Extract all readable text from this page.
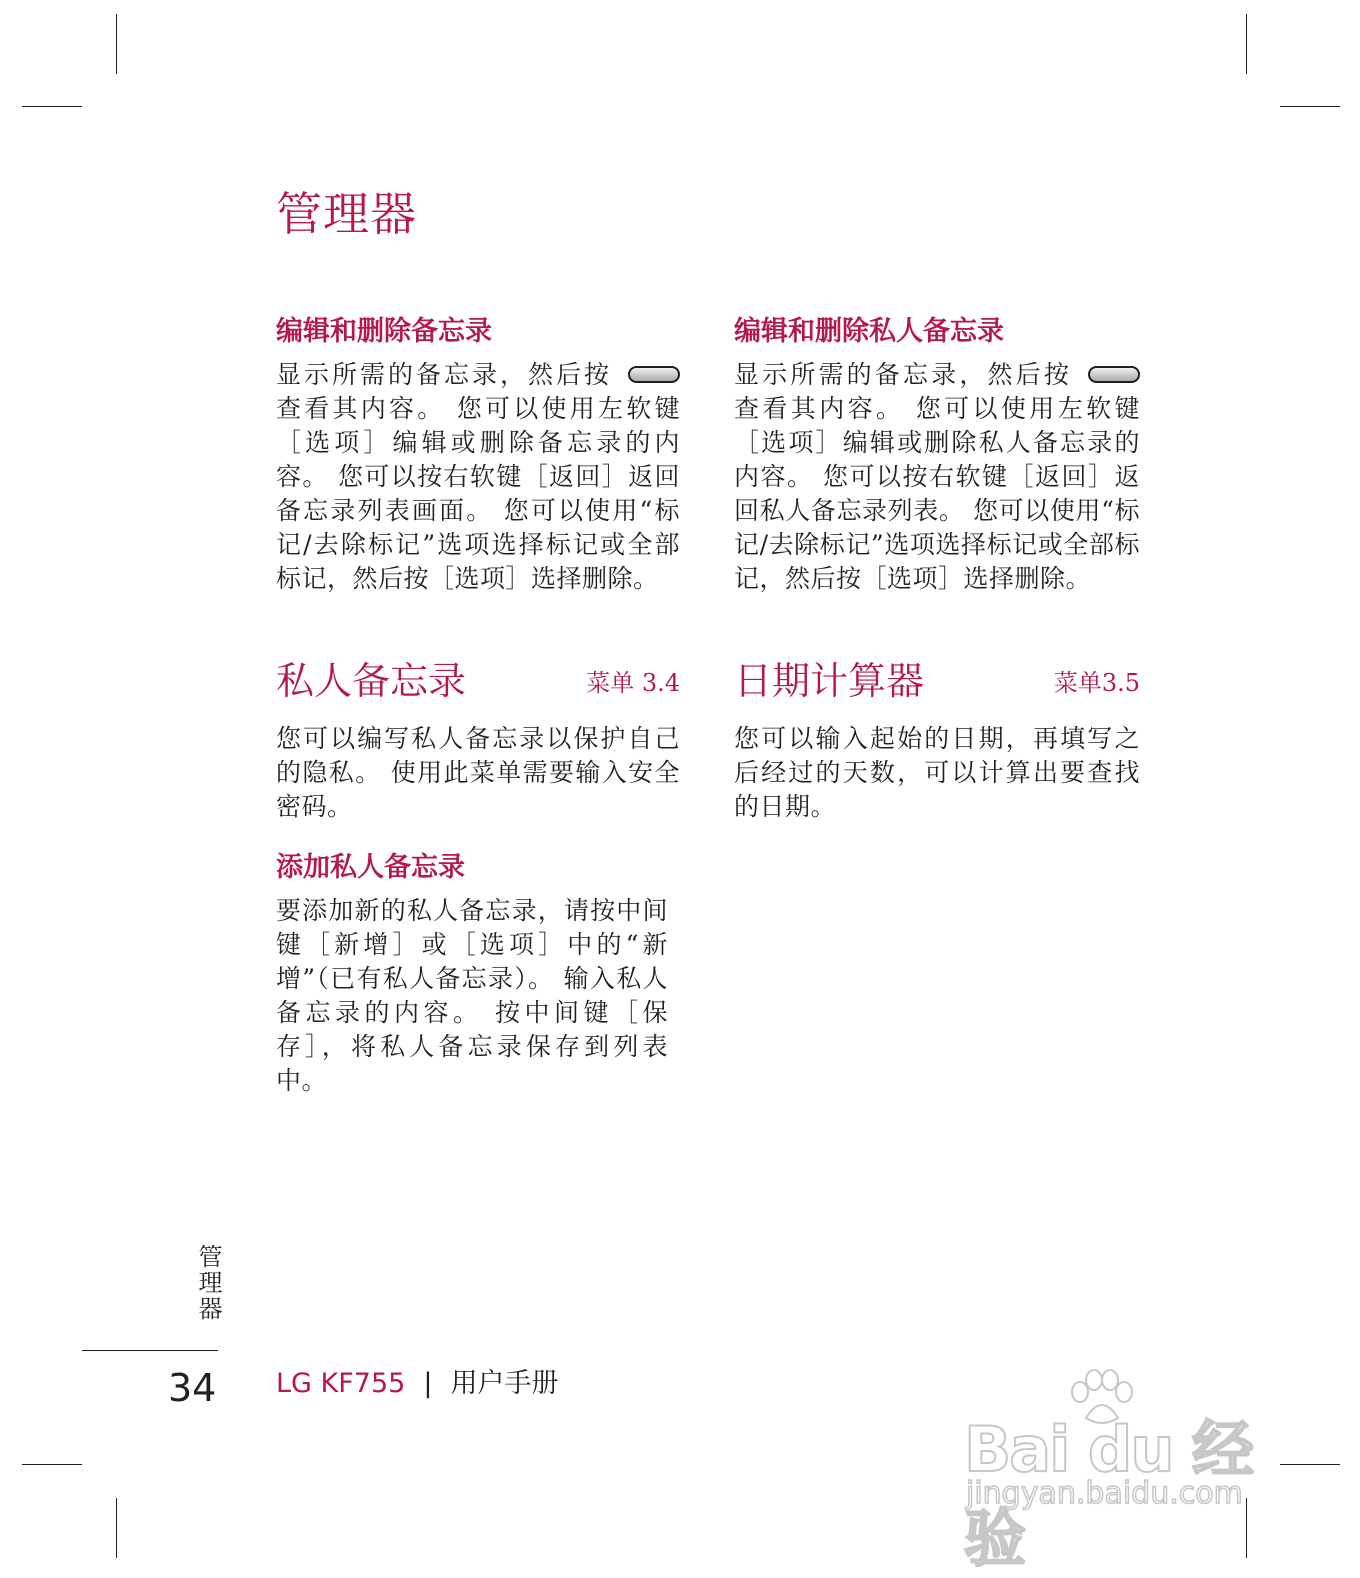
管理器
编辑和删除备忘录

显示所需的备忘录，然后按 查看其内容。 您可以使用左软键［选项］编辑或删除备忘录的内容。 您可以按右软键［返回］返回备忘录列表画面。 您可以使用“标记/去除标记”选项选择标记或全部标记，然后按［选项］选择删除。

私人备忘录	菜单 3.4

您可以编写私人备忘录以保护自己的隐私。 使用此菜单需要输入安全密码。

添加私人备忘录

要添加新的私人备忘录，请按中间键［新增］或［选项］中的“新增”（已有私人备忘录）。 输入私人备忘录的内容。 按中间键［保存］，将私人备忘录保存到列表中。

编辑和删除私人备忘录

显示所需的备忘录，然后按 查看其内容。 您可以使用左软键［选项］编辑或删除私人备忘录的内容。 您可以按右软键［返回］返回私人备忘录列表。 您可以使用“标记/去除标记”选项选择标记或全部标记，然后按［选项］选择删除。

日期计算器	菜单3.5

您可以输入起始的日期，再填写之后经过的天数，可以计算出要查找的日期。

管理器
34 LG KF755 | 用户手册
Bai du 经验
jingyan.baidu.com
